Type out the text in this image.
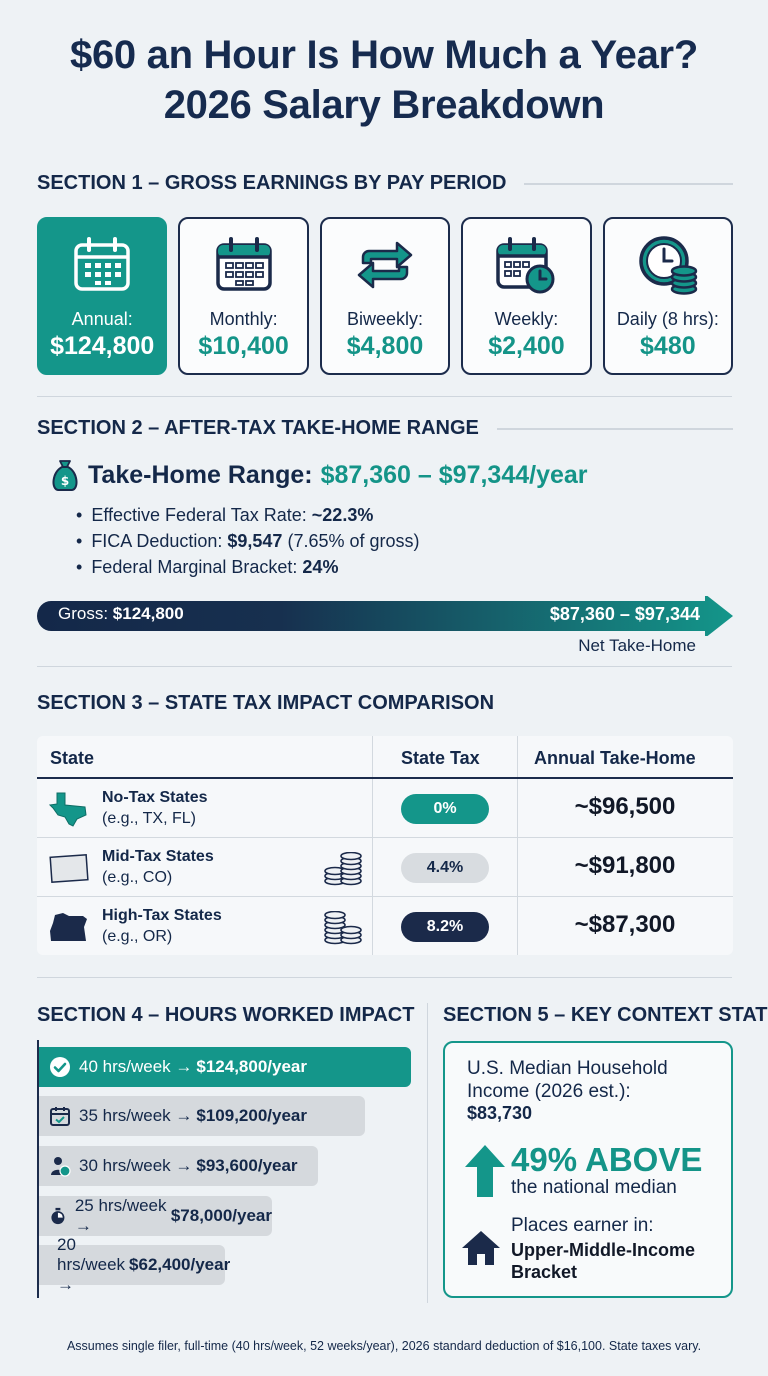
$60 an Hour Is How Much a Year?
2026 Salary Breakdown
SECTION 1 – GROSS EARNINGS BY PAY PERIOD
Annual:
$124,800
Monthly:
$10,400
Biweekly:
$4,800
Weekly:
$2,400
Daily (8 hrs):
$480
SECTION 2 – AFTER-TAX TAKE-HOME RANGE
$ Take-Home Range: $87,360 – $97,344/year
• Effective Federal Tax Rate: ~22.3%
• FICA Deduction: $9,547 (7.65% of gross)
• Federal Marginal Bracket: 24%
Gross: $124,800	$87,360 – $97,344
Net Take-Home
SECTION 3 – STATE TAX IMPACT COMPARISON
State	State Tax	Annual Take-Home
No-Tax States
(e.g., TX, FL)
0%	~$96,500
Mid-Tax States
(e.g., CO)
4.4%	~$91,800
High-Tax States
(e.g., OR)
8.2%	~$87,300
SECTION 4 – HOURS WORKED IMPACT
40 hrs/week → $124,800/year
35 hrs/week → $109,200/year
30 hrs/week → $93,600/year
25 hrs/week →
$78,000/year
20 hrs/week →
$62,400/year
SECTION 5 – KEY CONTEXT STAT
U.S. Median Household Income (2026 est.):
$83,730
49% ABOVE
the national median
Places earner in:
Upper-Middle-Income Bracket
Assumes single filer, full-time (40 hrs/week, 52 weeks/year), 2026 standard deduction of $16,100. State taxes vary.
